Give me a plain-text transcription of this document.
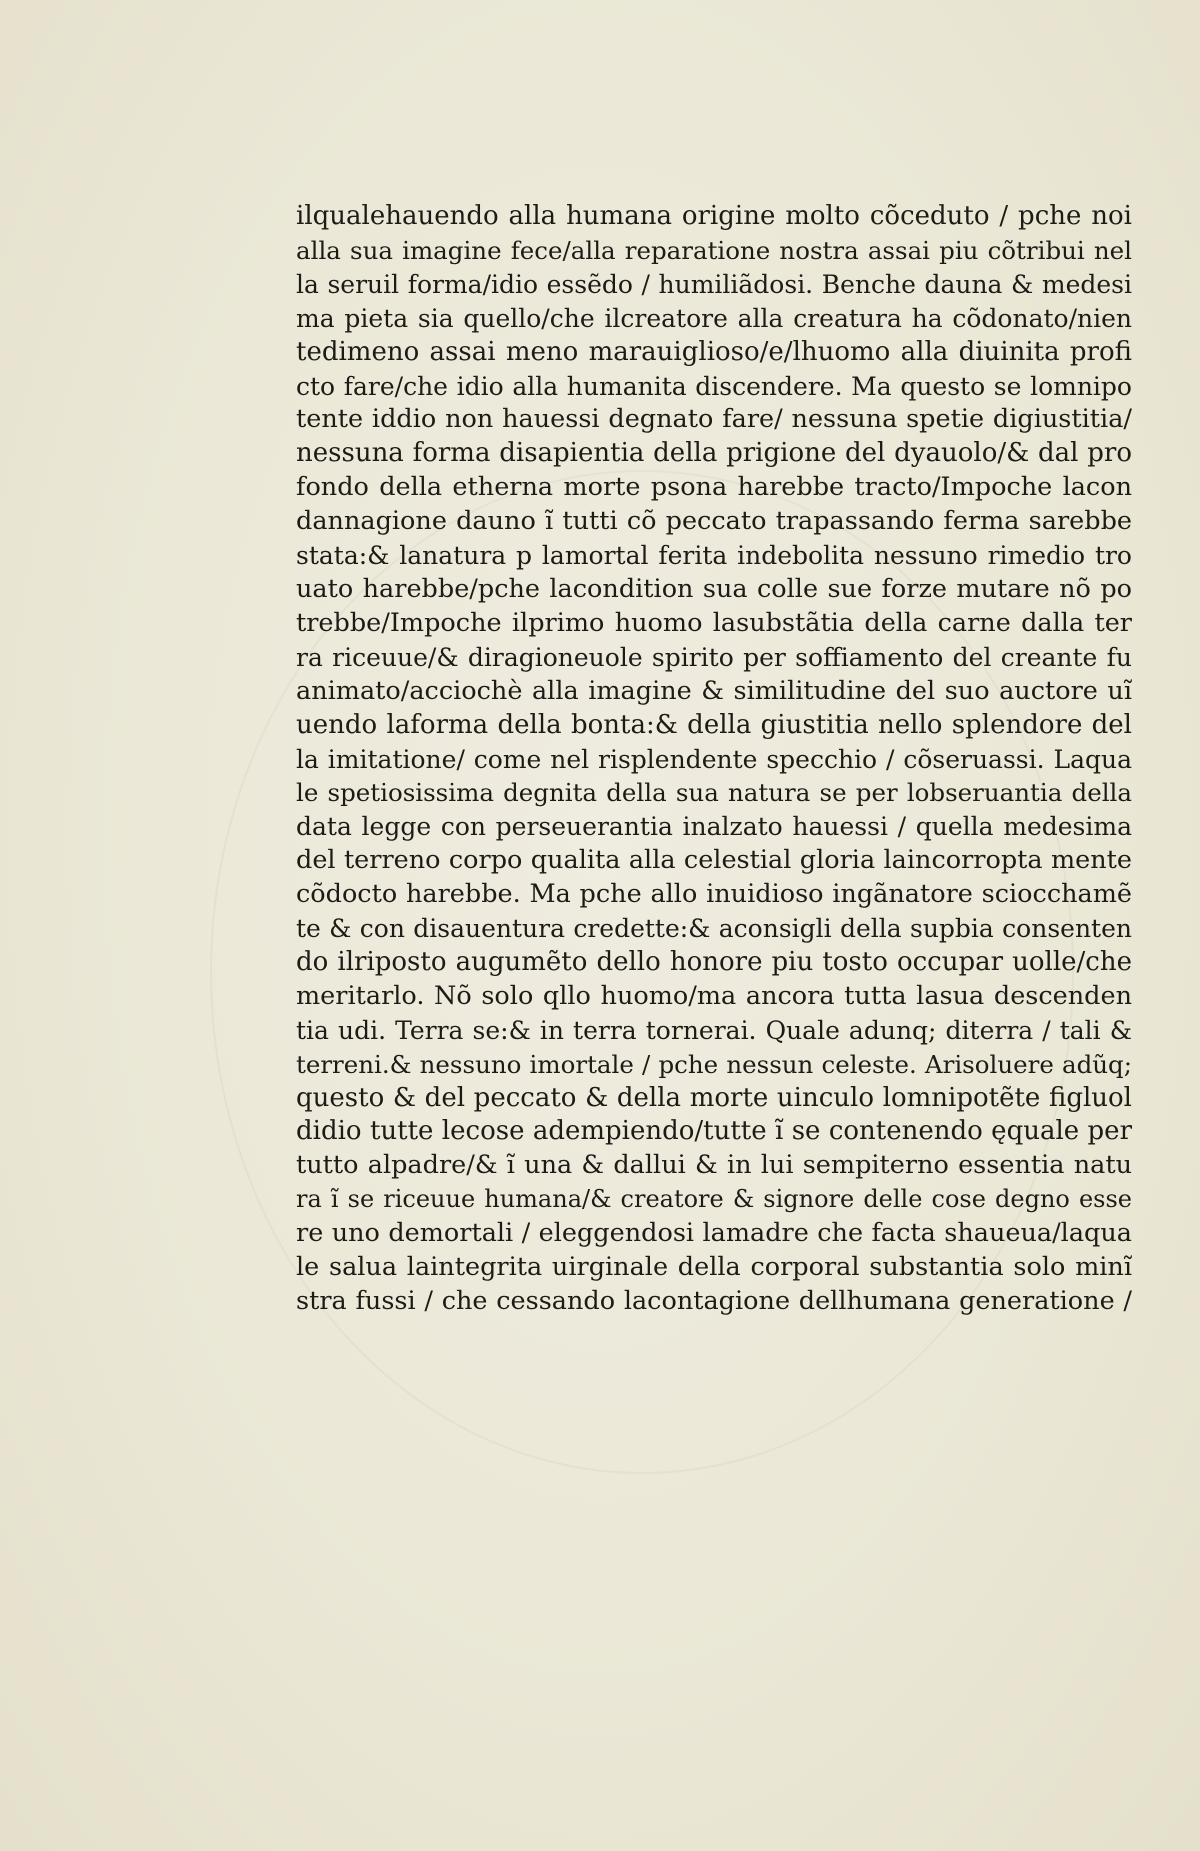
ilqualehauendo alla humana origine molto cõceduto / pche noi
alla sua imagine fece/alla reparatione nostra assai piu cõtribui nel
la seruil forma/idio essẽdo / humiliãdosi. Benche dauna & medesi
ma pieta sia quello/che ilcreatore alla creatura ha cõdonato/nien
tedimeno assai meno marauiglioso/e/lhuomo alla diuinita profi
cto fare/che idio alla humanita discendere. Ma questo se lomnipo
tente iddio non hauessi degnato fare/ nessuna spetie digiustitia/
nessuna forma disapientia della prigione del dyauolo/& dal pro
fondo della etherna morte psona harebbe tracto/Impoche lacon
dannagione dauno ĩ tutti cõ peccato trapassando ferma sarebbe
stata:& lanatura p lamortal ferita indebolita nessuno rimedio tro
uato harebbe/pche lacondition sua colle sue forze mutare nõ po
trebbe/Impoche ilprimo huomo lasubstãtia della carne dalla ter
ra riceuue/& diragioneuole spirito per soffiamento del creante fu
animato/acciochè alla imagine & similitudine del suo auctore uĩ
uendo laforma della bonta:& della giustitia nello splendore del
la imitatione/ come nel risplendente specchio / cõseruassi. Laqua
le spetiosissima degnita della sua natura se per lobseruantia della
data legge con perseuerantia inalzato hauessi / quella medesima
del terreno corpo qualita alla celestial gloria laincorropta mente
cõdocto harebbe. Ma pche allo inuidioso ingãnatore sciocchamẽ
te & con disauentura credette:& aconsigli della supbia consenten
do ilriposto augumẽto dello honore piu tosto occupar uolle/che
meritarlo. Nõ solo qllo huomo/ma ancora tutta lasua descenden
tia udi. Terra se:& in terra tornerai. Quale adunq; diterra / tali &
terreni.& nessuno imortale / pche nessun celeste. Arisoluere adũq;
questo & del peccato & della morte uinculo lomnipotẽte figluol
didio tutte lecose adempiendo/tutte ĩ se contenendo ęquale per
tutto alpadre/& ĩ una & dallui & in lui sempiterno essentia natu
ra ĩ se riceuue humana/& creatore & signore delle cose degno esse
re uno demortali / eleggendosi lamadre che facta shaueua/laqua
le salua laintegrita uirginale della corporal substantia solo minĩ
stra fussi / che cessando lacontagione dellhumana generatione /
